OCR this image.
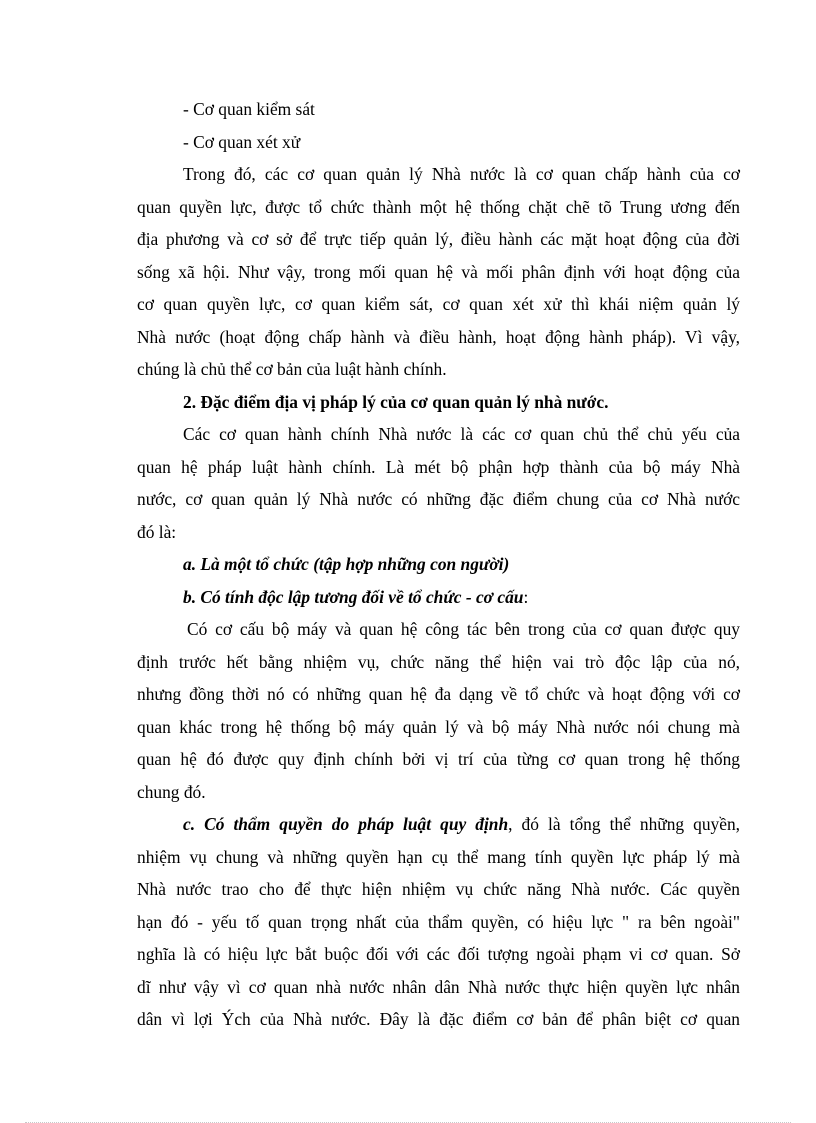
- Cơ quan kiểm sát
- Cơ quan xét xử
Trong đó, các cơ quan quản lý Nhà nước là cơ quan chấp hành của cơ
quan quyền lực, được tổ chức thành một hệ thống chặt chẽ tõ Trung ương đến
địa phương và cơ sở để trực tiếp quản lý, điều hành các mặt hoạt động của đời
sống xã hội. Như vậy, trong mối quan hệ và mối phân định với hoạt động của
cơ quan quyền lực, cơ quan kiểm sát, cơ quan xét xử thì khái niệm quản lý
Nhà nước (hoạt động chấp hành và điều hành, hoạt động hành pháp). Vì vậy,
chúng là chủ thể cơ bản của luật hành chính.
2. Đặc điểm địa vị pháp lý của cơ quan quản lý nhà nước.
Các cơ quan hành chính Nhà nước là các cơ quan chủ thể chủ yếu của
quan hệ pháp luật hành chính. Là mét bộ phận hợp thành của bộ máy Nhà
nước, cơ quan quản lý Nhà nước có những đặc điểm chung của cơ Nhà nước
đó là:
a. Là một tổ chức (tập hợp những con người)
b. Có tính độc lập tương đối về tổ chức - cơ cấu:
Có cơ cấu bộ máy và quan hệ công tác bên trong của cơ quan được quy
định trước hết bằng nhiệm vụ, chức năng thể hiện vai trò độc lập của nó,
nhưng đồng thời nó có những quan hệ đa dạng về tổ chức và hoạt động với cơ
quan khác trong hệ thống bộ máy quản lý và bộ máy Nhà nước nói chung mà
quan hệ đó được quy định chính bởi vị trí của từng cơ quan trong hệ thống
chung đó.
c. Có thẩm quyền do pháp luật quy định, đó là tổng thể những quyền,
nhiệm vụ chung và những quyền hạn cụ thể mang tính quyền lực pháp lý mà
Nhà nước trao cho để thực hiện nhiệm vụ chức năng Nhà nước. Các quyền
hạn đó - yếu tố quan trọng nhất của thẩm quyền, có hiệu lực " ra bên ngoài"
nghĩa là có hiệu lực bắt buộc đối với các đối tượng ngoài phạm vi cơ quan. Sở
dĩ như vậy vì cơ quan nhà nước nhân dân Nhà nước thực hiện quyền lực nhân
dân vì lợi Ých của Nhà nước. Đây là đặc điểm cơ bản để phân biệt cơ quan
